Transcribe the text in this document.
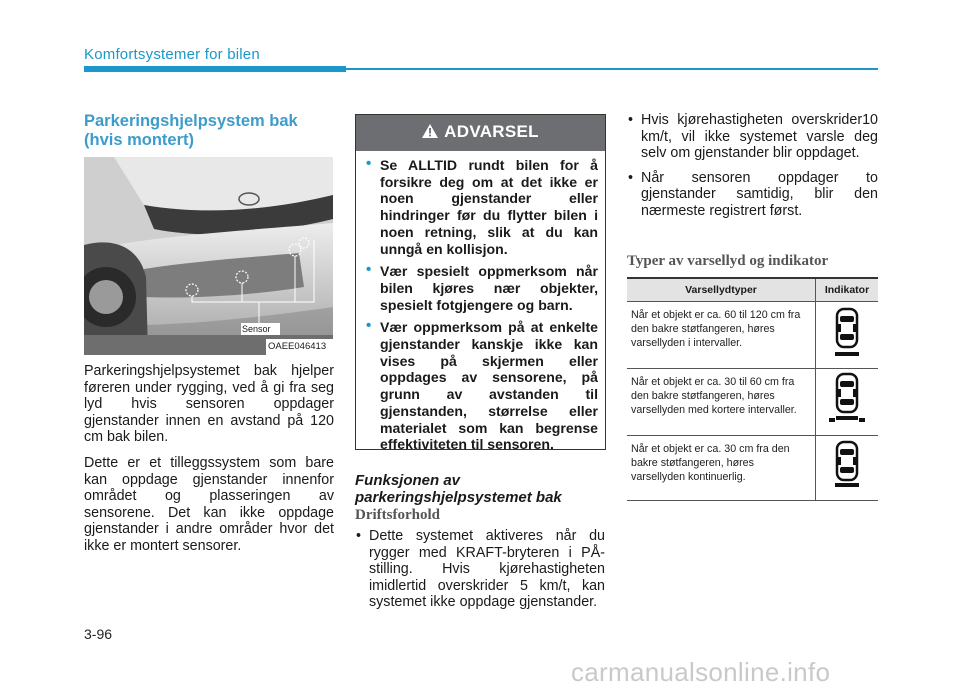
Komfortsystemer for bilen
Parkeringshjelpsystem bak (hvis montert)
Sensor
OAEE046413

Parkeringshjelpsystemet bak hjelper føreren under rygging, ved å gi fra seg lyd hvis sensoren oppdager gjenstander innen en avstand på 120 cm bak bilen.

Dette er et tilleggssystem som bare kan oppdage gjenstander innenfor området og plasseringen av sensorene. Det kan ikke oppdage gjenstander i andre områder hvor det ikke er montert sensorer.

ADVARSEL
• Se ALLTID rundt bilen for å forsikre deg om at det ikke er noen gjenstander eller hindringer før du flytter bilen i noen retning, slik at du kan unngå en kollisjon.
• Vær spesielt oppmerksom når bilen kjøres nær objekter, spesielt fotgjengere og barn.
• Vær oppmerksom på at enkelte gjenstander kanskje ikke kan vises på skjermen eller oppdages av sensorene, på grunn av avstanden til gjenstanden, størrelse eller materialet som kan begrense effektiviteten til sensoren.
Funksjonen av parkeringshjelpsystemet bak
Driftsforhold
• Dette systemet aktiveres når du rygger med KRAFT-bryteren i PÅ-stilling. Hvis kjørehastigheten imidlertid overskrider 5 km/t, kan systemet ikke oppdage gjenstander.
• Hvis kjørehastigheten overskrider10 km/t, vil ikke systemet varsle deg selv om gjenstander blir oppdaget.
• Når sensoren oppdager to gjenstander samtidig, blir den nærmeste registrert først.
Typer av varsellyd og indikator
Varsellydtyper	Indikator
Når et objekt er ca. 60 til 120 cm fra den bakre støtfangeren, høres varsellyden i intervaller.	
Når et objekt er ca. 30 til 60 cm fra den bakre støtfangeren, høres varsellyden med kortere intervaller.	
Når et objekt er ca. 30 cm fra den bakre støtfangeren, høres varsellyden kontinuerlig.	
3-96
carmanualsonline.info
